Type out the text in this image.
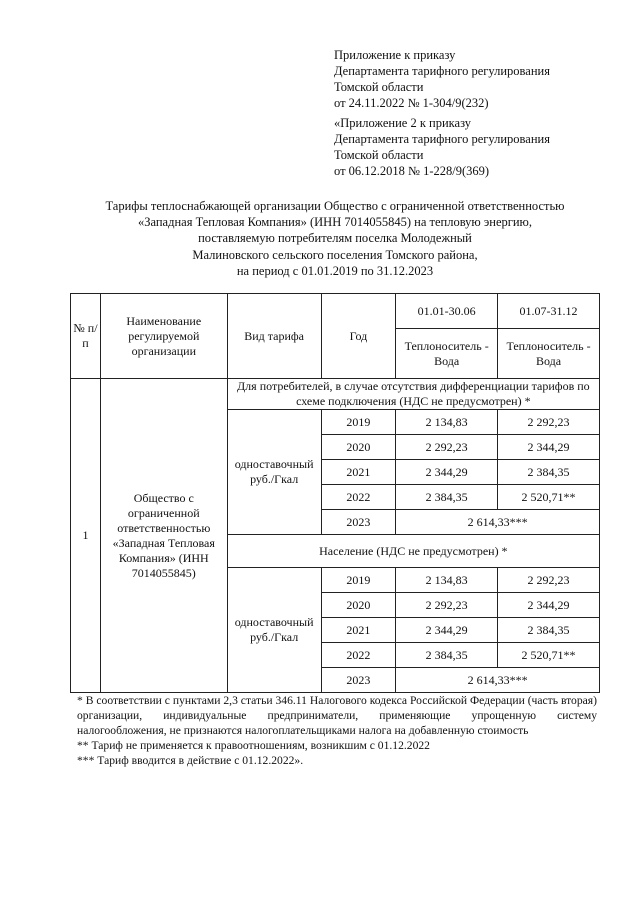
Приложение к приказу
Департамента тарифного регулирования
Томской области
от 24.11.2022 № 1-304/9(232)
«Приложение 2 к приказу
Департамента тарифного регулирования
Томской области
от 06.12.2018 № 1-228/9(369)
Тарифы теплоснабжающей организации Общество с ограниченной ответственностью
«Западная Тепловая Компания» (ИНН 7014055845) на тепловую энергию,
поставляемую потребителям поселка Молодежный
Малиновского сельского поселения Томского района,
на период с 01.01.2019 по 31.12.2023
№ п/п	Наименование регулируемой организации	Вид тарифа	Год	01.01-30.06	01.07-31.12
				Теплоноситель - Вода	Теплоноситель - Вода
1	Общество с ограниченной ответственностью «Западная Тепловая Компания» (ИНН 7014055845)	Для потребителей, в случае отсутствия дифференциации тарифов по схеме подключения (НДС не предусмотрен) *			
		одноставочный руб./Гкал	2019	2 134,83	2 292,23
			2020	2 292,23	2 344,29
			2021	2 344,29	2 384,35
			2022	2 384,35	2 520,71**
			2023	2 614,33***	
		Население (НДС не предусмотрен) *			
		одноставочный руб./Гкал	2019	2 134,83	2 292,23
			2020	2 292,23	2 344,29
			2021	2 344,29	2 384,35
			2022	2 384,35	2 520,71**
			2023	2 614,33***	

* В соответствии с пунктами 2,3 статьи 346.11 Налогового кодекса Российской Федерации (часть вторая) организации, индивидуальные предприниматели, применяющие упрощенную систему налогообложения, не признаются налогоплательщиками налога на добавленную стоимость

** Тариф не применяется к правоотношениям, возникшим с 01.12.2022

*** Тариф вводится в действие с 01.12.2022».
